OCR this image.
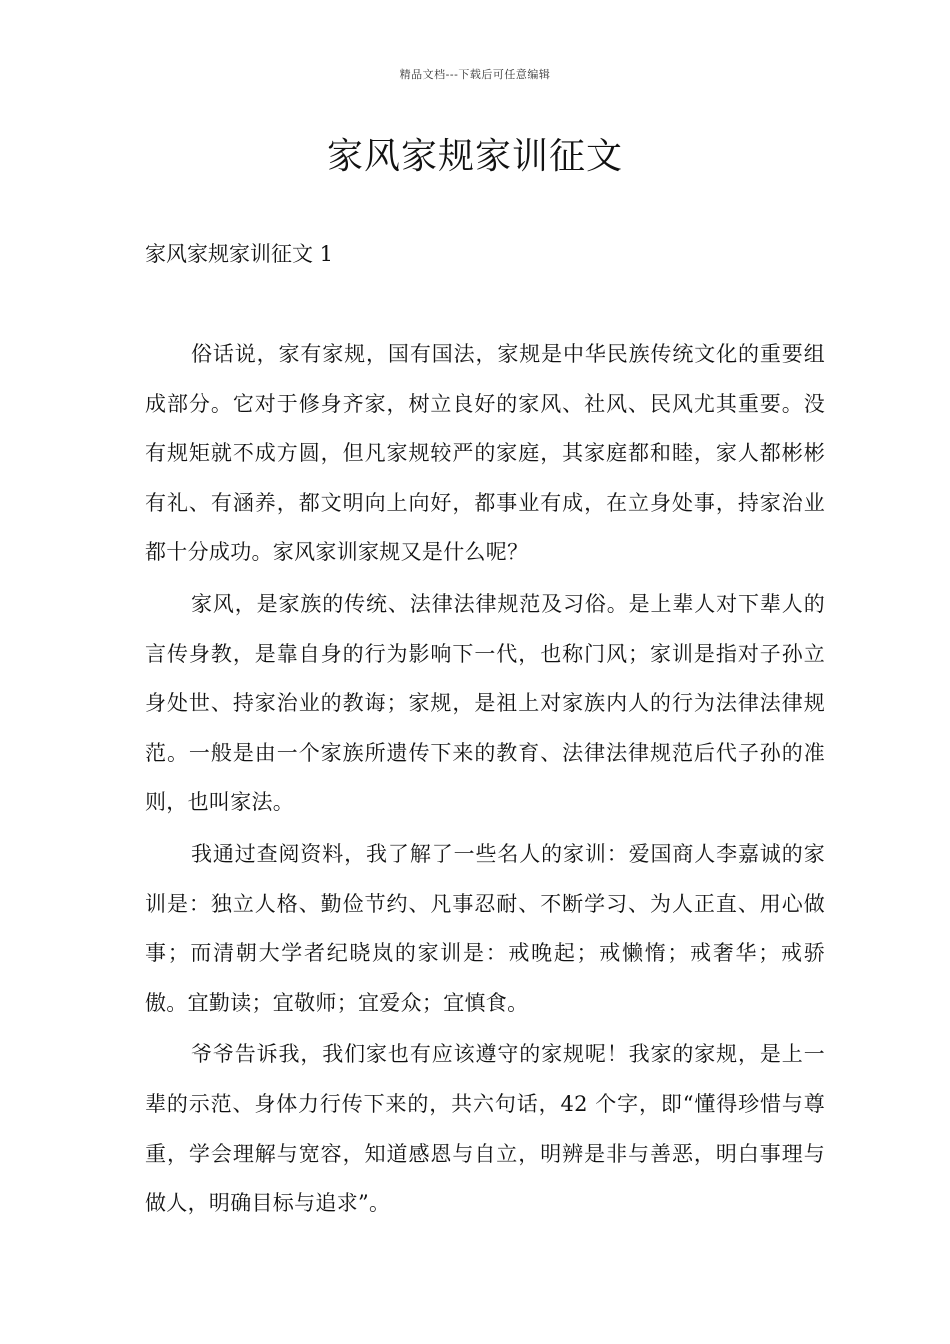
精品文档---下载后可任意编辑
家风家规家训征文
家风家规家训征文 1

俗话说，家有家规，国有国法，家规是中华民族传统文化的重要组成部分。它对于修身齐家，树立良好的家风、社风、民风尤其重要。没有规矩就不成方圆，但凡家规较严的家庭，其家庭都和睦，家人都彬彬有礼、有涵养，都文明向上向好，都事业有成，在立身处事，持家治业都十分成功。家风家训家规又是什么呢？

家风，是家族的传统、法律法律规范及习俗。是上辈人对下辈人的言传身教，是靠自身的行为影响下一代，也称门风；家训是指对子孙立身处世、持家治业的教诲；家规，是祖上对家族内人的行为法律法律规范。一般是由一个家族所遗传下来的教育、法律法律规范后代子孙的准则，也叫家法。

我通过查阅资料，我了解了一些名人的家训：爱国商人李嘉诚的家训是：独立人格、勤俭节约、凡事忍耐、不断学习、为人正直、用心做事；而清朝大学者纪晓岚的家训是：戒晚起；戒懒惰；戒奢华；戒骄傲。宜勤读；宜敬师；宜爱众；宜慎食。

爷爷告诉我，我们家也有应该遵守的家规呢！我家的家规，是上一辈的示范、身体力行传下来的，共六句话，42 个字，即“懂得珍惜与尊重，学会理解与宽容，知道感恩与自立，明辨是非与善恶，明白事理与做人，明确目标与追求”。
